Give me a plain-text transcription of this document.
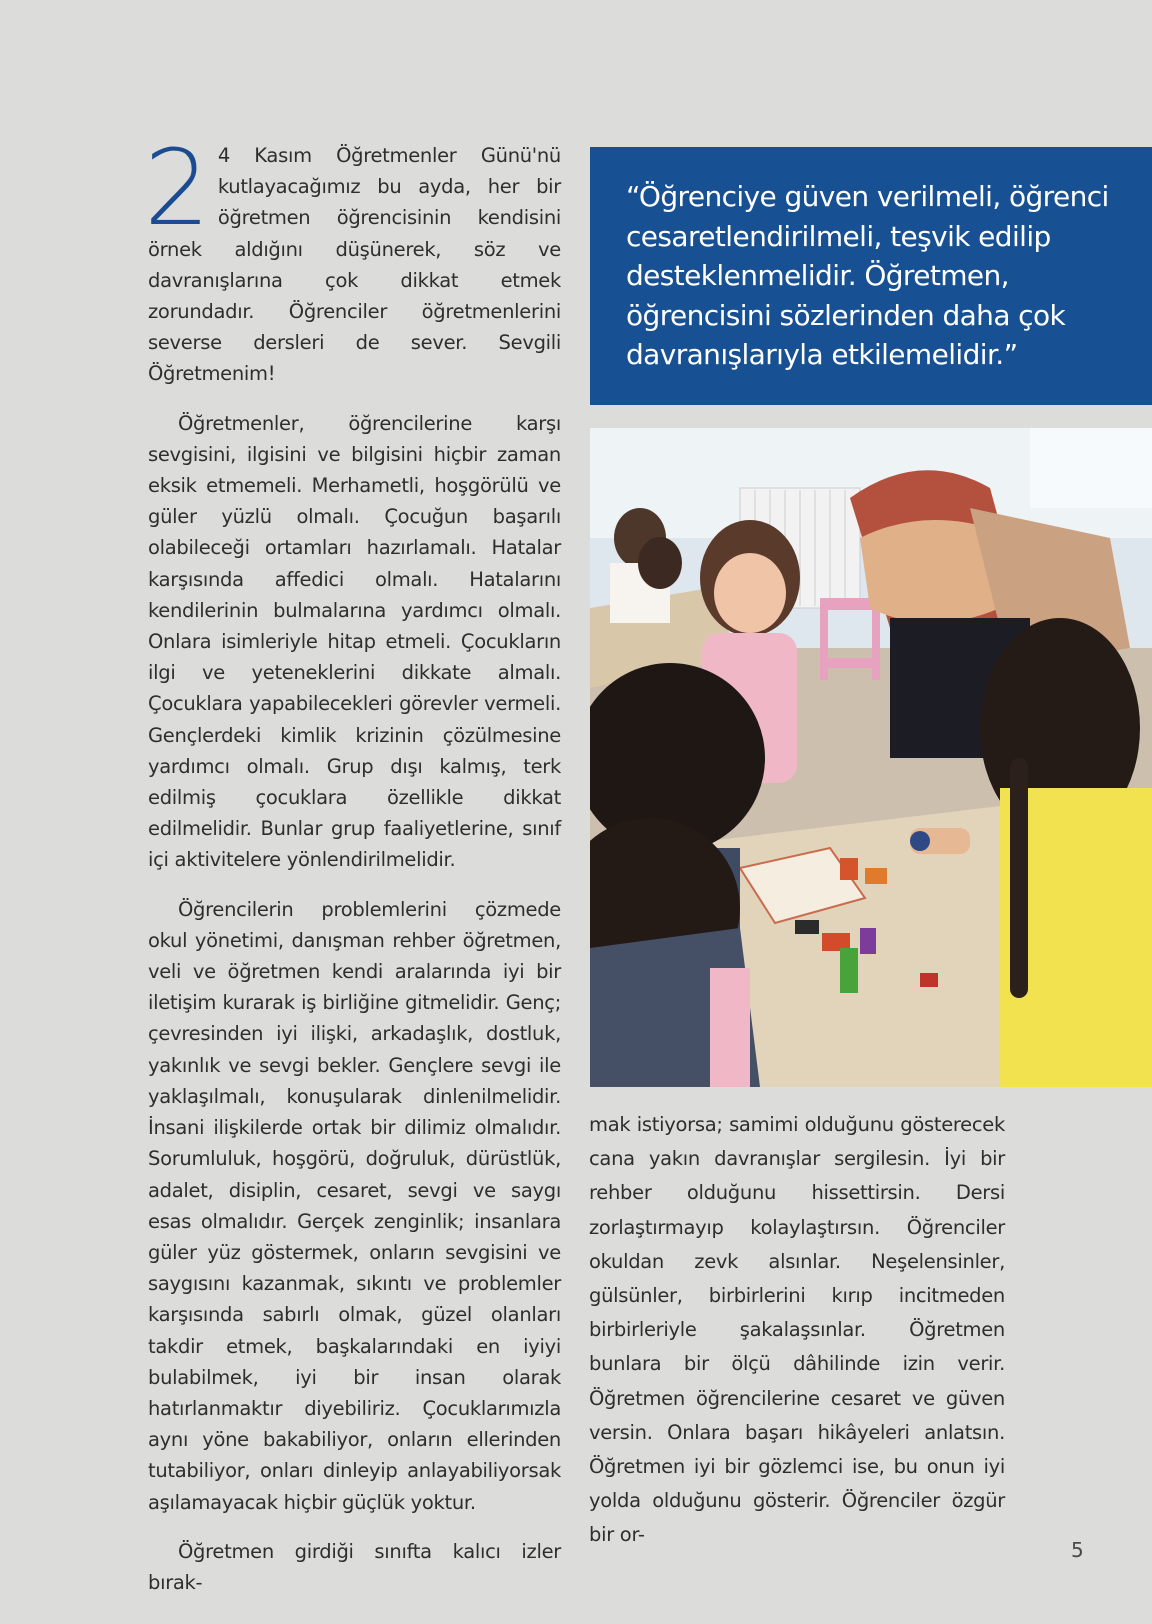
2 4 Kasım Öğretmenler Günü'nü kutlayacağımız bu ayda, her bir öğretmen öğrencisinin kendisini örnek aldığını düşünerek, söz ve davranışlarına çok dikkat etmek zorundadır. Öğrenciler öğretmenlerini severse dersleri de sever. Sevgili Öğretmenim!

Öğretmenler, öğrencilerine karşı sevgisini, ilgisini ve bilgisini hiçbir zaman eksik etmemeli. Merhametli, hoşgörülü ve güler yüzlü olmalı. Çocuğun başarılı olabileceği ortamları hazırlamalı. Hatalar karşısında affedici olmalı. Hatalarını kendilerinin bulmalarına yardımcı olmalı. Onlara isimleriyle hitap etmeli. Çocukların ilgi ve yeteneklerini dikkate almalı. Çocuklara yapabilecekleri görevler vermeli. Gençlerdeki kimlik krizinin çözülmesine yardımcı olmalı. Grup dışı kalmış, terk edilmiş çocuklara özellikle dikkat edilmelidir. Bunlar grup faaliyetlerine, sınıf içi aktivitelere yönlendirilmelidir.

Öğrencilerin problemlerini çözmede okul yönetimi, danışman rehber öğretmen, veli ve öğretmen kendi aralarında iyi bir iletişim kurarak iş birliğine gitmelidir. Genç; çevresinden iyi ilişki, arkadaşlık, dostluk, yakınlık ve sevgi bekler. Gençlere sevgi ile yaklaşılmalı, konuşularak dinlenilmelidir. İnsani ilişkilerde ortak bir dilimiz olmalıdır. Sorumluluk, hoşgörü, doğruluk, dürüstlük, adalet, disiplin, cesaret, sevgi ve saygı esas olmalıdır. Gerçek zenginlik; insanlara güler yüz göstermek, onların sevgisini ve saygısını kazanmak, sıkıntı ve problemler karşısında sabırlı olmak, güzel olanları takdir etmek, başkalarındaki en iyiyi bulabilmek, iyi bir insan olarak hatırlanmaktır diyebiliriz. Çocuklarımızla aynı yöne bakabiliyor, onların ellerinden tutabiliyor, onları dinleyip anlayabiliyorsak aşılamayacak hiçbir güçlük yoktur.

Öğretmen girdiği sınıfta kalıcı izler bırak-

“Öğrenciye güven verilmeli, öğrenci cesaretlendirilmeli, teşvik edilip desteklenmelidir. Öğretmen, öğrencisini sözlerinden daha çok davranışlarıyla etkilemelidir.”

mak istiyorsa; samimi olduğunu gösterecek cana yakın davranışlar sergilesin. İyi bir rehber olduğunu hissettirsin. Dersi zorlaştırmayıp kolaylaştırsın. Öğrenciler okuldan zevk alsınlar. Neşelensinler, gülsünler, birbirlerini kırıp incitmeden birbirleriyle şakalaşsınlar. Öğretmen bunlara bir ölçü dâhilinde izin verir. Öğretmen öğrencilerine cesaret ve güven versin. Onlara başarı hikâyeleri anlatsın. Öğretmen iyi bir gözlemci ise, bu onun iyi yolda olduğunu gösterir. Öğrenciler özgür bir or-

5
